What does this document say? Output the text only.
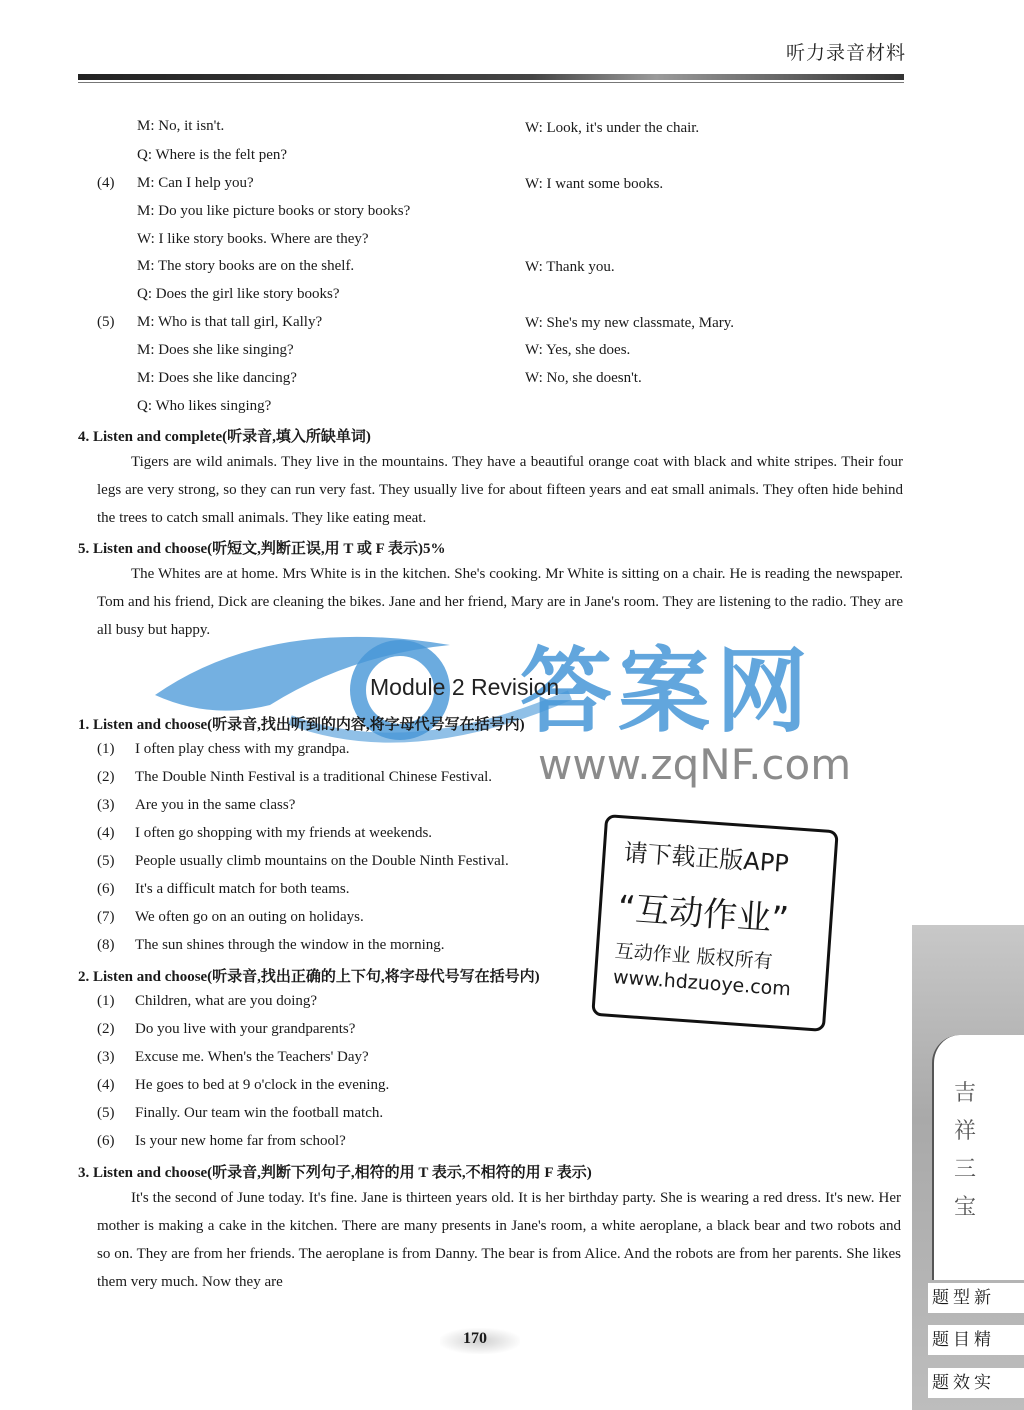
听力录音材料
M: No, it isn't.	W: Look, it's under the chair.
Q: Where is the felt pen?
(4) M: Can I help you?	W: I want some books.
M: Do you like picture books or story books?
W: I like story books. Where are they?
M: The story books are on the shelf.	W: Thank you.
Q: Does the girl like story books?
(5) M: Who is that tall girl, Kally?	W: She's my new classmate, Mary.
M: Does she like singing?	W: Yes, she does.
M: Does she like dancing?	W: No, she doesn't.
Q: Who likes singing?
4. Listen and complete(听录音,填入所缺单词)
Tigers are wild animals. They live in the mountains. They have a beautiful orange coat with black and white stripes. Their four legs are very strong, so they can run very fast. They usually live for about fifteen years and eat small animals. They often hide behind the trees to catch small animals. They like eating meat.
5. Listen and choose(听短文,判断正误,用 T 或 F 表示)5%
The Whites are at home. Mrs White is in the kitchen. She's cooking. Mr White is sitting on a chair. He is reading the newspaper. Tom and his friend, Dick are cleaning the bikes. Jane and her friend, Mary are in Jane's room. They are listening to the radio. They are all busy but happy.
答案网
Module 2 Revision
1. Listen and choose(听录音,找出听到的内容,将字母代号写在括号内)
(1) I often play chess with my grandpa.
(2) The Double Ninth Festival is a traditional Chinese Festival.
(3) Are you in the same class?
(4) I often go shopping with my friends at weekends.
(5) People usually climb mountains on the Double Ninth Festival.
(6) It's a difficult match for both teams.
(7) We often go on an outing on holidays.
(8) The sun shines through the window in the morning.
www.zqNF.com
2. Listen and choose(听录音,找出正确的上下句,将字母代号写在括号内)
(1) Children, what are you doing?
(2) Do you live with your grandparents?
(3) Excuse me. When's the Teachers' Day?
(4) He goes to bed at 9 o'clock in the evening.
(5) Finally. Our team win the football match.
(6) Is your new home far from school?
3. Listen and choose(听录音,判断下列句子,相符的用 T 表示,不相符的用 F 表示)
It's the second of June today. It's fine. Jane is thirteen years old. It is her birthday party. She is wearing a red dress. It's new. Her mother is making a cake in the kitchen. There are many presents in Jane's room, a white aeroplane, a black bear and two robots and so on. They are from her friends. The aeroplane is from Danny. The bear is from Alice. And the robots are from her parents. She likes them very much. Now they are
请下载正版APP
“互动作业”
互动作业 版权所有
www.hdzuoye.com
吉祥三宝
题型新
题目精
题效实
170
